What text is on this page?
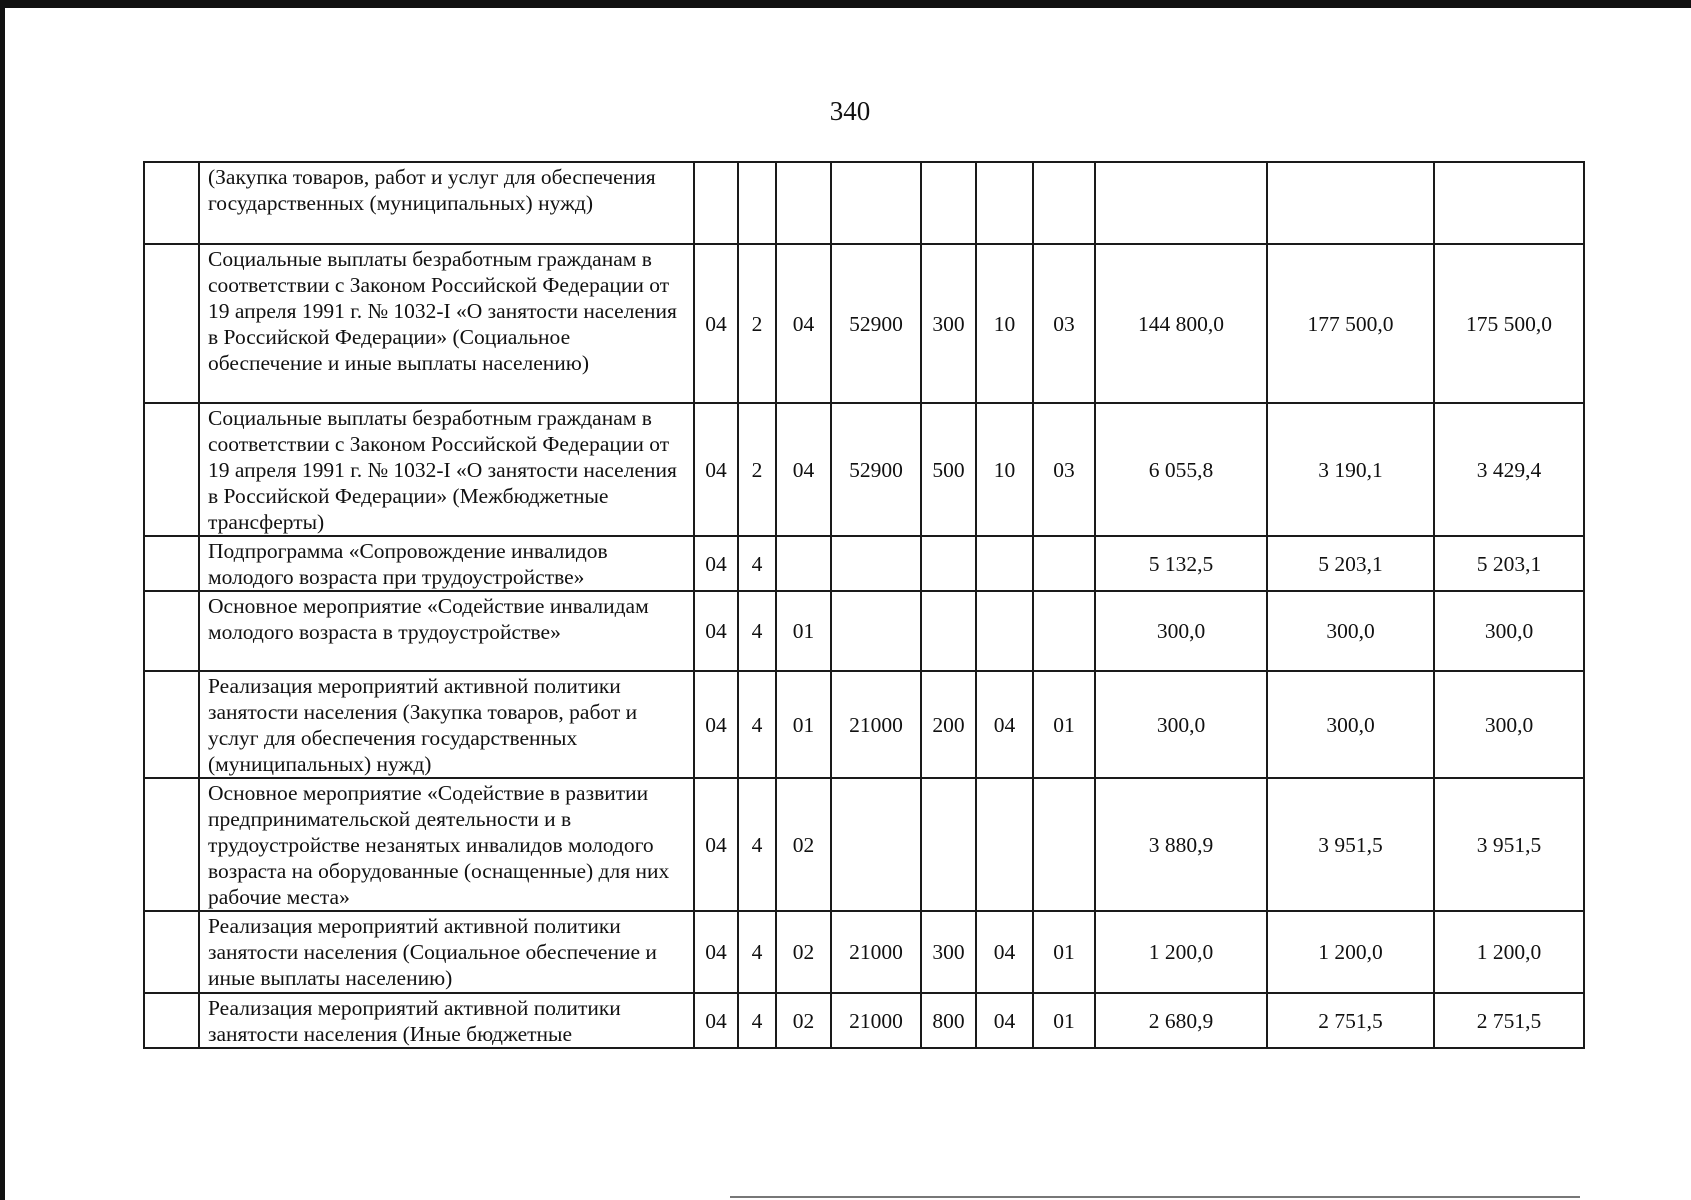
340
	(Закупка товаров, работ и услуг для обеспечения государственных (муниципальных) нужд)										
	Социальные выплаты безработным гражданам в соответствии с Законом Российской Федерации от 19 апреля 1991 г. № 1032-I «О занятости населения в Российской Федерации» (Социальное обеспечение и иные выплаты населению)	04	2	04	52900	300	10	03	144 800,0	177 500,0	175 500,0
	Социальные выплаты безработным гражданам в соответствии с Законом Российской Федерации от 19 апреля 1991 г. № 1032-I «О занятости населения в Российской Федерации» (Межбюджетные трансферты)	04	2	04	52900	500	10	03	6 055,8	3 190,1	3 429,4
	Подпрограмма «Сопровождение инвалидов молодого возраста при трудоустройстве»	04	4						5 132,5	5 203,1	5 203,1
	Основное мероприятие «Содействие инвалидам молодого возраста в трудоустройстве»	04	4	01					300,0	300,0	300,0
	Реализация мероприятий активной политики занятости населения (Закупка товаров, работ и услуг для обеспечения государственных (муниципальных) нужд)	04	4	01	21000	200	04	01	300,0	300,0	300,0
	Основное мероприятие «Содействие в развитии предпринимательской деятельности и в трудоустройстве незанятых инвалидов молодого возраста на оборудованные (оснащенные) для них рабочие места»	04	4	02					3 880,9	3 951,5	3 951,5
	Реализация мероприятий активной политики занятости населения (Социальное обеспечение и иные выплаты населению)	04	4	02	21000	300	04	01	1 200,0	1 200,0	1 200,0
	Реализация мероприятий активной политики занятости населения (Иные бюджетные	04	4	02	21000	800	04	01	2 680,9	2 751,5	2 751,5
